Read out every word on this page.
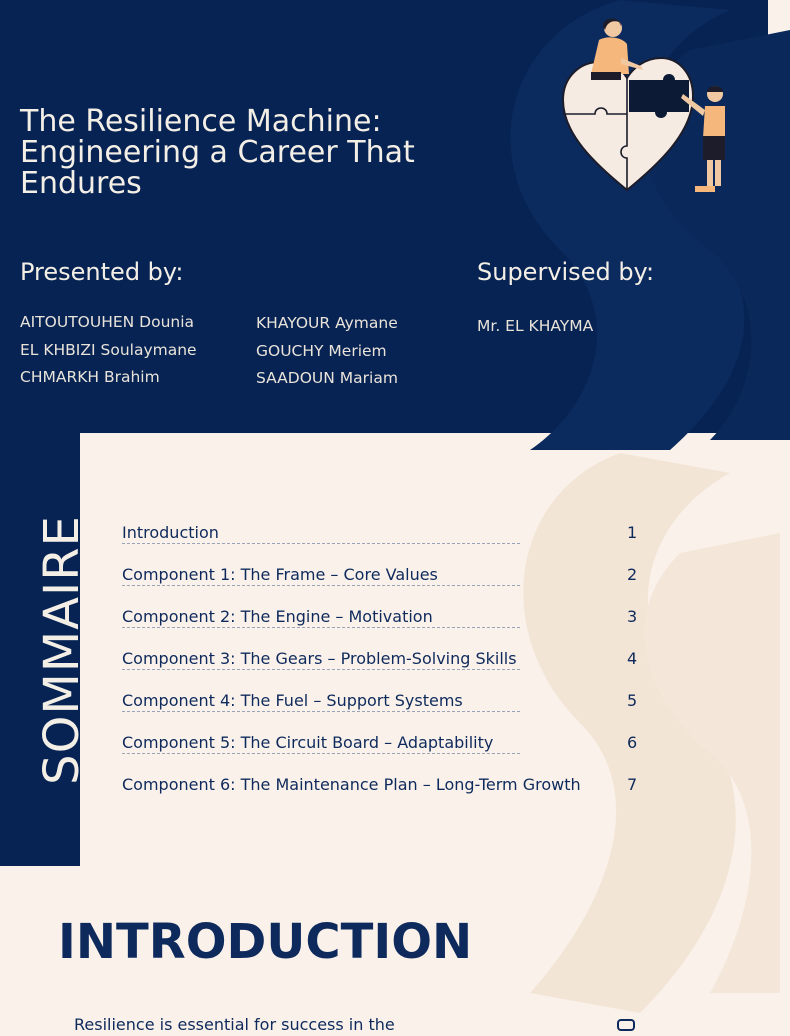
The Resilience Machine: Engineering a Career That Endures
Presented by:	Supervised by:
AITOUTOUHEN Dounia
EL KHBIZI Soulaymane
CHMARKH Brahim
KHAYOUR Aymane
GOUCHY Meriem
SAADOUN Mariam
Mr. EL KHAYMA
SOMMAIRE Introduction	1
Component 1: The Frame – Core Values	2
Component 2: The Engine – Motivation	3
Component 3: The Gears – Problem-Solving Skills	4
Component 4: The Fuel – Support Systems	5
Component 5: The Circuit Board – Adaptability	6
Component 6: The Maintenance Plan – Long-Term Growth	7
INTRODUCTION

Resilience is essential for success in the
